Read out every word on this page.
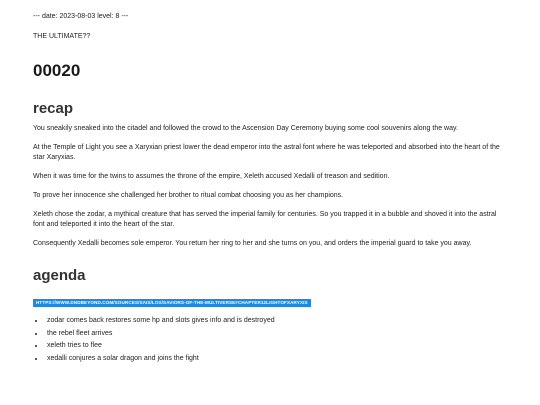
--- date: 2023-08-03 level: 8 ---
THE ULTIMATE??
00020
recap

You sneakily sneaked into the citadel and followed the crowd to the Ascension Day Ceremony buying some cool souvenirs along the way.

At the Temple of Light you see a Xaryxian priest lower the dead emperor into the astral font where he was teleported and absorbed into the heart of the star Xaryxias.

When it was time for the twins to assumes the throne of the empire, Xeleth accused Xedalli of treason and sedition.

To prove her innocence she challenged her brother to ritual combat choosing you as her champions.

Xeleth chose the zodar, a mythical creature that has served the imperial family for centuries. So you trapped it in a bubble and shoved it into the astral font and teleported it into the heart of the star.

Consequently Xedalli becomes sole emperor. You return her ring to her and she turns on you, and orders the imperial guard to take you away.

agenda
HTTPS://WWW.DNDBEYOND.COM/SOURCES/SAIS/LOX/SAVIORS-OF-THE-MULTIVERSE#CHAPTER12LIGHTOFXARYXIS
• zodar comes back restores some hp and slots gives info and is destroyed
• the rebel fleet arrives
• xeleth tries to flee
• xedalli conjures a solar dragon and joins the fight
